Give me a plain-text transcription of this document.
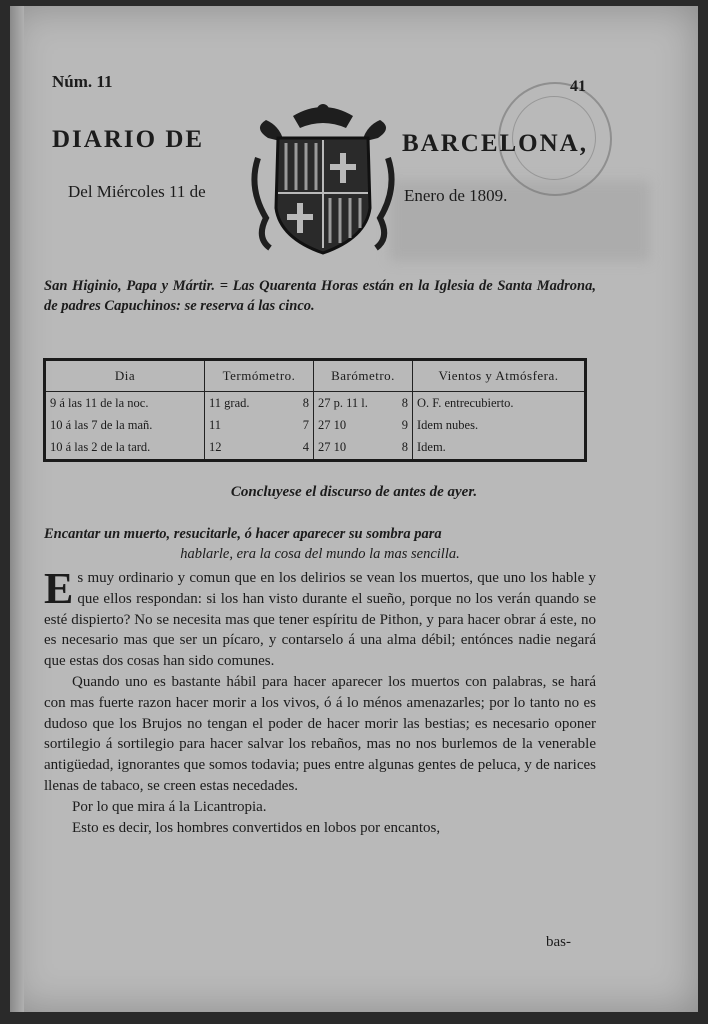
Núm. 11	41
DIARIO DE	BARCELONA,
Del Miércoles 11 de	Enero de 1809.
San Higinio, Papa y Mártir. = Las Quarenta Horas están en la Iglesia de Santa Madrona, de padres Capuchinos: se reserva á las cinco.
Dia	Termómetro.	Barómetro.	Vientos y Atmósfera.
9 á las 11 de la noc.	11 grad. 8	27 p. 11 l. 8	O. F. entrecubierto.
10 á las 7 de la mañ.	11 7	27 10 9	Idem nubes.
10 á las 2 de la tard.	12 4	27 10 8	Idem.
Concluyese el discurso de antes de ayer.
Encantar un muerto, resucitarle, ó hacer aparecer su sombra para
hablarle, era la cosa del mundo la mas sencilla.

Es muy ordinario y comun que en los delirios se vean los muertos, que uno los hable y que ellos respondan: si los han visto durante el sueño, porque no los verán quando se esté dispierto? No se necesita mas que tener espíritu de Pithon, y para hacer obrar á este, no es necesario mas que ser un pícaro, y contarselo á una alma débil; entónces nadie negará que estas dos cosas han sido comunes.

Quando uno es bastante hábil para hacer aparecer los muertos con palabras, se hará con mas fuerte razon hacer morir a los vivos, ó á lo ménos amenazarles; por lo tanto no es dudoso que los Brujos no tengan el poder de hacer morir las bestias; es necesario oponer sortilegio á sortilegio para hacer salvar los rebaños, mas no nos burlemos de la venerable antigüedad, ignorantes que somos todavia; pues entre algunas gentes de peluca, y de narices llenas de tabaco, se creen estas necedades.

Por lo que mira á la Licantropia.

Esto es decir, los hombres convertidos en lobos por encantos,

bas-
